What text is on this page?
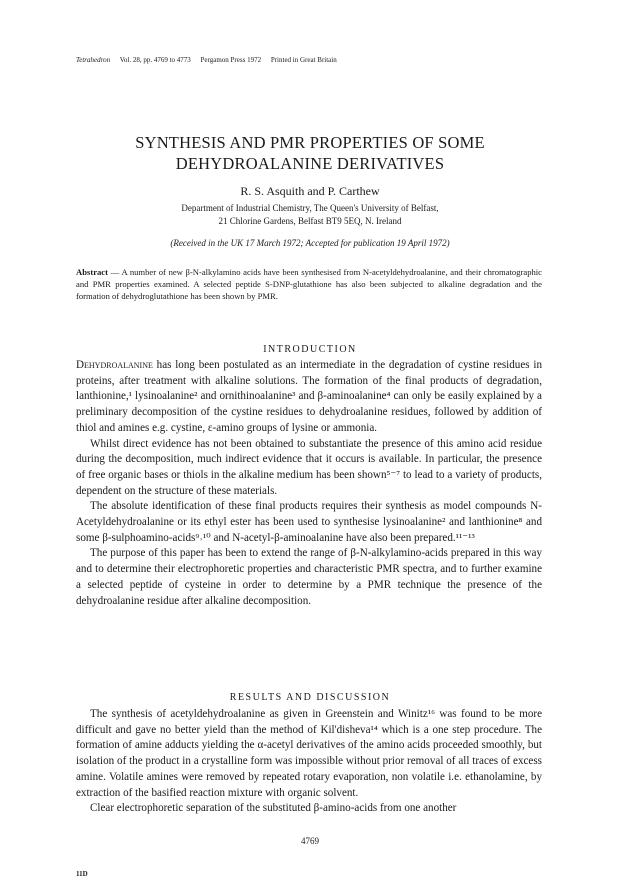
Tetrahedron Vol. 28, pp. 4769 to 4773 Pergamon Press 1972 Printed in Great Britain
SYNTHESIS AND PMR PROPERTIES OF SOME
DEHYDROALANINE DERIVATIVES
R. S. Asquith and P. Carthew
Department of Industrial Chemistry, The Queen's University of Belfast,
21 Chlorine Gardens, Belfast BT9 5EQ, N. Ireland
(Received in the UK 17 March 1972; Accepted for publication 19 April 1972)
Abstract — A number of new β-N-alkylamino acids have been synthesised from N-acetyldehydroalanine, and their chromatographic and PMR properties examined. A selected peptide S-DNP-glutathione has also been subjected to alkaline degradation and the formation of dehydroglutathione has been shown by PMR.
INTRODUCTION

Dehydroalanine has long been postulated as an intermediate in the degradation of cystine residues in proteins, after treatment with alkaline solutions. The formation of the final products of degradation, lanthionine,¹ lysinoalanine² and ornithinoalanine³ and β-aminoalanine⁴ can only be easily explained by a preliminary decomposition of the cystine residues to dehydroalanine residues, followed by addition of thiol and amines e.g. cystine, ε-amino groups of lysine or ammonia.

Whilst direct evidence has not been obtained to substantiate the presence of this amino acid residue during the decomposition, much indirect evidence that it occurs is available. In particular, the presence of free organic bases or thiols in the alkaline medium has been shown⁵⁻⁷ to lead to a variety of products, dependent on the structure of these materials.

The absolute identification of these final products requires their synthesis as model compounds N-Acetyldehydroalanine or its ethyl ester has been used to synthesise lysinoalanine² and lanthionine⁸ and some β-sulphoamino-acids⁹˒¹⁰ and N-acetyl-β-aminoalanine have also been prepared.¹¹⁻¹³

The purpose of this paper has been to extend the range of β-N-alkylamino-acids prepared in this way and to determine their electrophoretic properties and characteristic PMR spectra, and to further examine a selected peptide of cysteine in order to determine by a PMR technique the presence of the dehydroalanine residue after alkaline decomposition.

RESULTS AND DISCUSSION

The synthesis of acetyldehydroalanine as given in Greenstein and Winitz¹⁶ was found to be more difficult and gave no better yield than the method of Kil'disheva¹⁴ which is a one step procedure. The formation of amine adducts yielding the α-acetyl derivatives of the amino acids proceeded smoothly, but isolation of the product in a crystalline form was impossible without prior removal of all traces of excess amine. Volatile amines were removed by repeated rotary evaporation, non volatile i.e. ethanolamine, by extraction of the basified reaction mixture with organic solvent.

Clear electrophoretic separation of the substituted β-amino-acids from one another

4769
11D
